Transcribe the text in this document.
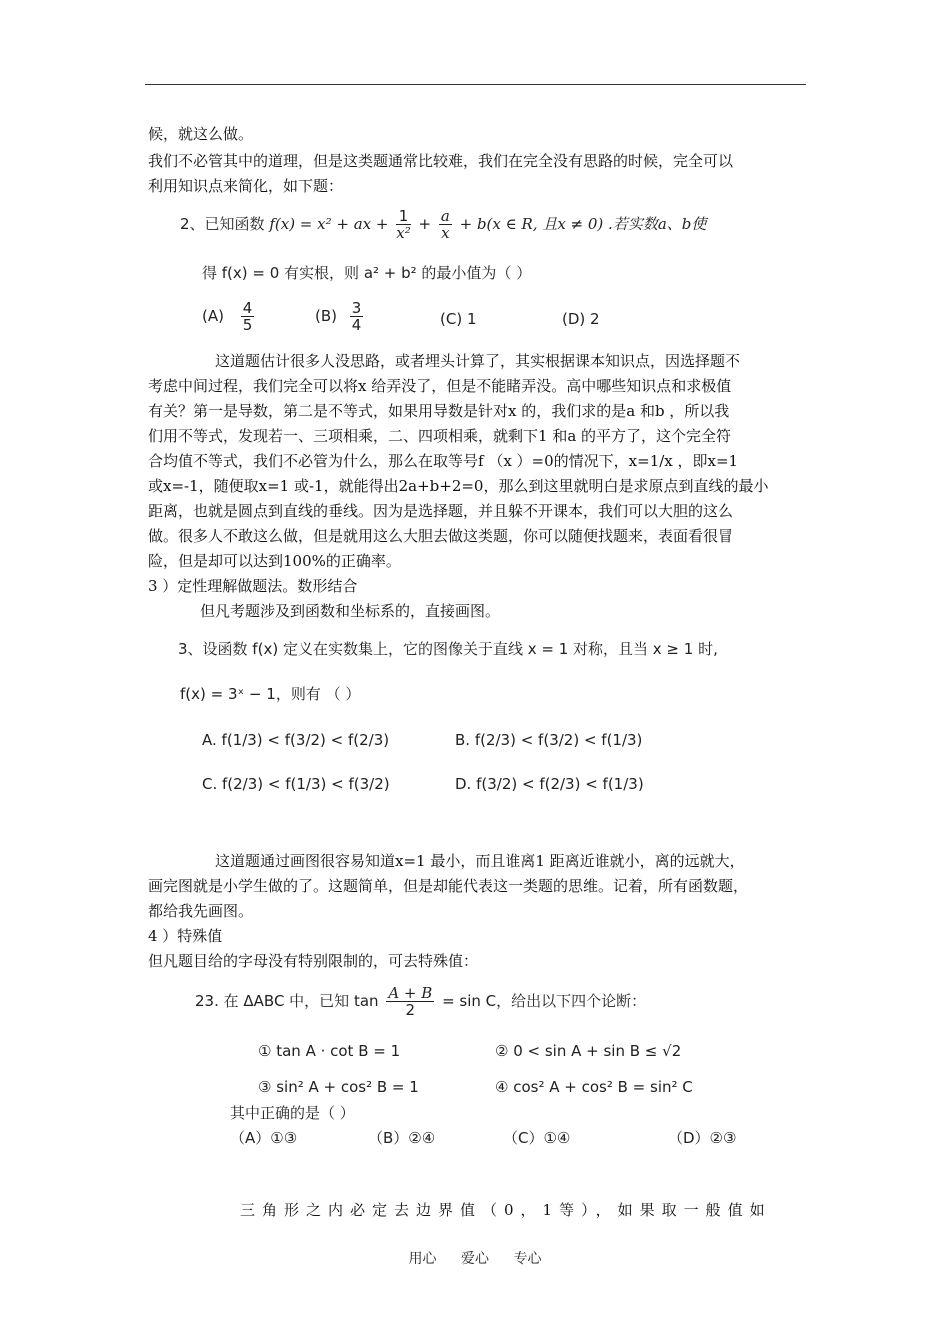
候，就这么做。
我们不必管其中的道理，但是这类题通常比较难，我们在完全没有思路的时候，完全可以
利用知识点来简化，如下题：
2、已知函数 f(x) = x² + ax + $\frac{1}{\text{x²}} + \frac{a}{x} + b(x$ ∈ R, 且x ≠ 0) .若实数a、b使
得 f(x) = 0 有实根，则 a² + b² 的最小值为（ ）
$(A) \frac{4}{5}$	$(B) \frac{3}{4}$	(C) 1	(D) 2
这道题估计很多人没思路，或者埋头计算了，其实根据课本知识点，因选择题不
考虑中间过程，我们完全可以将x 给弄没了，但是不能睹弄没。高中哪些知识点和求极值
有关？第一是导数，第二是不等式，如果用导数是针对x 的，我们求的是a 和b ，所以我
们用不等式，发现若一、三项相乘，二、四项相乘，就剩下1 和a 的平方了，这个完全符
合均值不等式，我们不必管为什么，那么在取等号f （x ）=0的情况下，x=1/x ，即x=1
或x=-1，随便取x=1 或-1，就能得出2a+b+2=0，那么到这里就明白是求原点到直线的最小
距离，也就是圆点到直线的垂线。因为是选择题，并且躲不开课本，我们可以大胆的这么
做。很多人不敢这么做，但是就用这么大胆去做这类题，你可以随便找题来，表面看很冒
险，但是却可以达到100%的正确率。
3 ）定性理解做题法。数形结合
但凡考题涉及到函数和坐标系的，直接画图。
3、设函数 f(x) 定义在实数集上，它的图像关于直线 x = 1 对称，且当 x ≥ 1 时,
f(x) = 3ˣ − 1，则有 （ ）
A. f(1/3) < f(3/2) < f(2/3)	B. f(2/3) < f(3/2) < f(1/3)
C. f(2/3) < f(1/3) < f(3/2)	D. f(3/2) < f(2/3) < f(1/3)
这道题通过画图很容易知道x=1 最小，而且谁离1 距离近谁就小，离的远就大，
画完图就是小学生做的了。这题简单，但是却能代表这一类题的思维。记着，所有函数题，
都给我先画图。
4 ）特殊值
但凡题目给的字母没有特别限制的，可去特殊值：
23. 在 ΔABC 中，已知 $\tan \frac{A + B}{2} = \sin C$，给出以下四个论断：
① tan A · cot B = 1	② 0 < sin A + sin B ≤ √2
③ sin² A + cos² B = 1	④ cos² A + cos² B = sin² C
其中正确的是（ ）
（A）①③	（B）②④	（C）①④	（D）②③
三角形之内必定去边界值（0，1等），如果取一般值如
用心 爱心 专心
